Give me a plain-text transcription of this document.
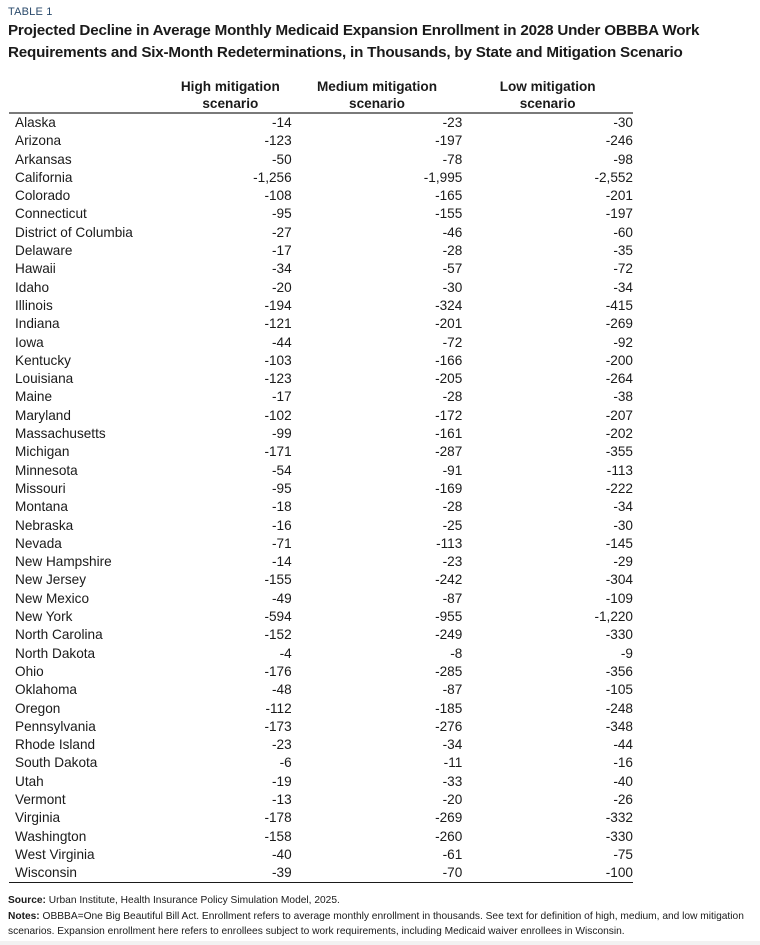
TABLE 1
Projected Decline in Average Monthly Medicaid Expansion Enrollment in 2028 Under OBBBA Work Requirements and Six-Month Redeterminations, in Thousands, by State and Mitigation Scenario

High mitigation
scenario

Medium mitigation
scenario

Low mitigation
scenario

Alaska	-14	-23	-30
Arizona	-123	-197	-246
Arkansas	-50	-78	-98
California	-1,256	-1,995	-2,552
Colorado	-108	-165	-201
Connecticut	-95	-155	-197
District of Columbia	-27	-46	-60
Delaware	-17	-28	-35
Hawaii	-34	-57	-72
Idaho	-20	-30	-34
Illinois	-194	-324	-415
Indiana	-121	-201	-269
Iowa	-44	-72	-92
Kentucky	-103	-166	-200
Louisiana	-123	-205	-264
Maine	-17	-28	-38
Maryland	-102	-172	-207
Massachusetts	-99	-161	-202
Michigan	-171	-287	-355
Minnesota	-54	-91	-113
Missouri	-95	-169	-222
Montana	-18	-28	-34
Nebraska	-16	-25	-30
Nevada	-71	-113	-145
New Hampshire	-14	-23	-29
New Jersey	-155	-242	-304
New Mexico	-49	-87	-109
New York	-594	-955	-1,220
North Carolina	-152	-249	-330
North Dakota	-4	-8	-9
Ohio	-176	-285	-356
Oklahoma	-48	-87	-105
Oregon	-112	-185	-248
Pennsylvania	-173	-276	-348
Rhode Island	-23	-34	-44
South Dakota	-6	-11	-16
Utah	-19	-33	-40
Vermont	-13	-20	-26
Virginia	-178	-269	-332
Washington	-158	-260	-330
West Virginia	-40	-61	-75
Wisconsin	-39	-70	-100
Source: Urban Institute, Health Insurance Policy Simulation Model, 2025.
Notes: OBBBA=One Big Beautiful Bill Act. Enrollment refers to average monthly enrollment in thousands. See text for definition of high, medium, and low mitigation scenarios. Expansion enrollment here refers to enrollees subject to work requirements, including Medicaid waiver enrollees in Wisconsin.
